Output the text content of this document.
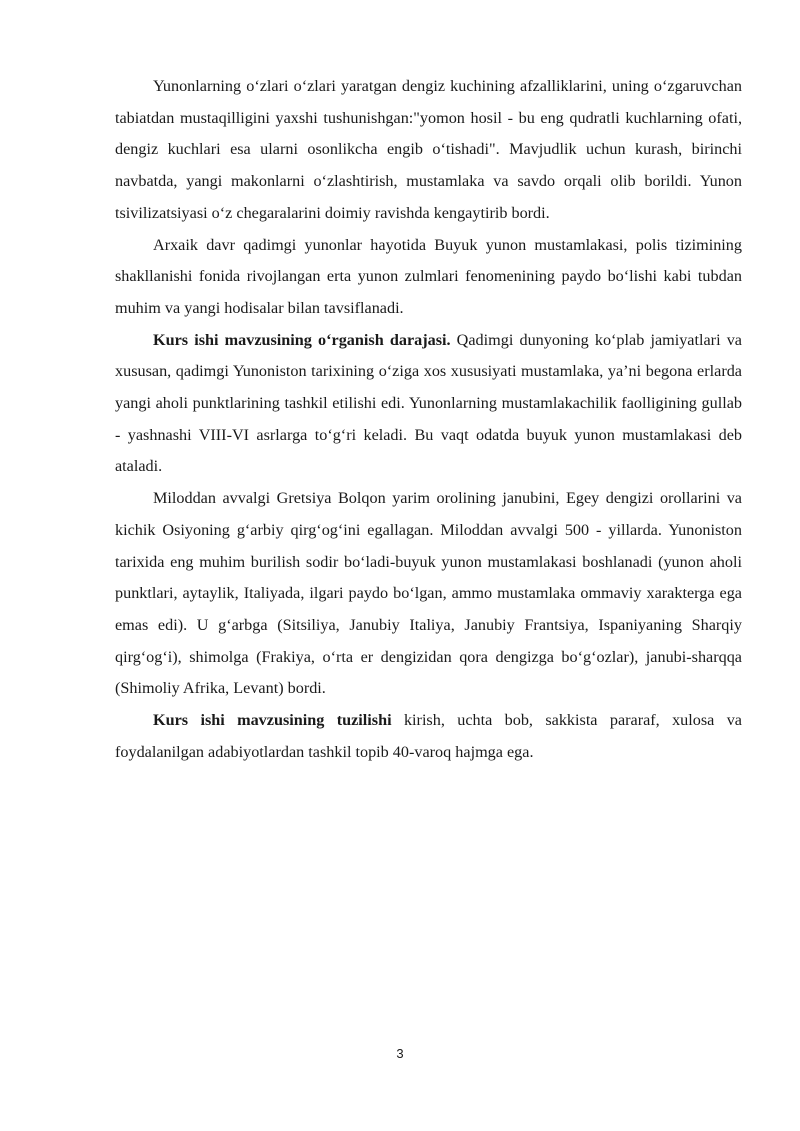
Yunonlarning o‘zlari o‘zlari yaratgan dengiz kuchining afzalliklarini, uning o‘zgaruvchan tabiatdan mustaqilligini yaxshi tushunishgan:"yomon hosil - bu eng qudratli kuchlarning ofati, dengiz kuchlari esa ularni osonlikcha engib o‘tishadi". Mavjudlik uchun kurash, birinchi navbatda, yangi makonlarni o‘zlashtirish, mustamlaka va savdo orqali olib borildi. Yunon tsivilizatsiyasi o‘z chegaralarini doimiy ravishda kengaytirib bordi.

Arxaik davr qadimgi yunonlar hayotida Buyuk yunon mustamlakasi, polis tizimining shakllanishi fonida rivojlangan erta yunon zulmlari fenomenining paydo bo‘lishi kabi tubdan muhim va yangi hodisalar bilan tavsiflanadi.

Kurs ishi mavzusining o‘rganish darajasi. Qadimgi dunyoning ko‘plab jamiyatlari va xususan, qadimgi Yunoniston tarixining o‘ziga xos xususiyati mustamlaka, ya’ni begona erlarda yangi aholi punktlarining tashkil etilishi edi. Yunonlarning mustamlakachilik faolligining gullab - yashnashi VIII-VI asrlarga to‘g‘ri keladi. Bu vaqt odatda buyuk yunon mustamlakasi deb ataladi.

Miloddan avvalgi Gretsiya Bolqon yarim orolining janubini, Egey dengizi orollarini va kichik Osiyoning g‘arbiy qirg‘og‘ini egallagan. Miloddan avvalgi 500 - yillarda. Yunoniston tarixida eng muhim burilish sodir bo‘ladi-buyuk yunon mustamlakasi boshlanadi (yunon aholi punktlari, aytaylik, Italiyada, ilgari paydo bo‘lgan, ammo mustamlaka ommaviy xarakterga ega emas edi). U g‘arbga (Sitsiliya, Janubiy Italiya, Janubiy Frantsiya, Ispaniyaning Sharqiy qirg‘og‘i), shimolga (Frakiya, o‘rta er dengizidan qora dengizga bo‘g‘ozlar), janubi-sharqqa (Shimoliy Afrika, Levant) bordi.

Kurs ishi mavzusining tuzilishi kirish, uchta bob, sakkista pararaf, xulosa va foydalanilgan adabiyotlardan tashkil topib 40-varoq hajmga ega.

3
